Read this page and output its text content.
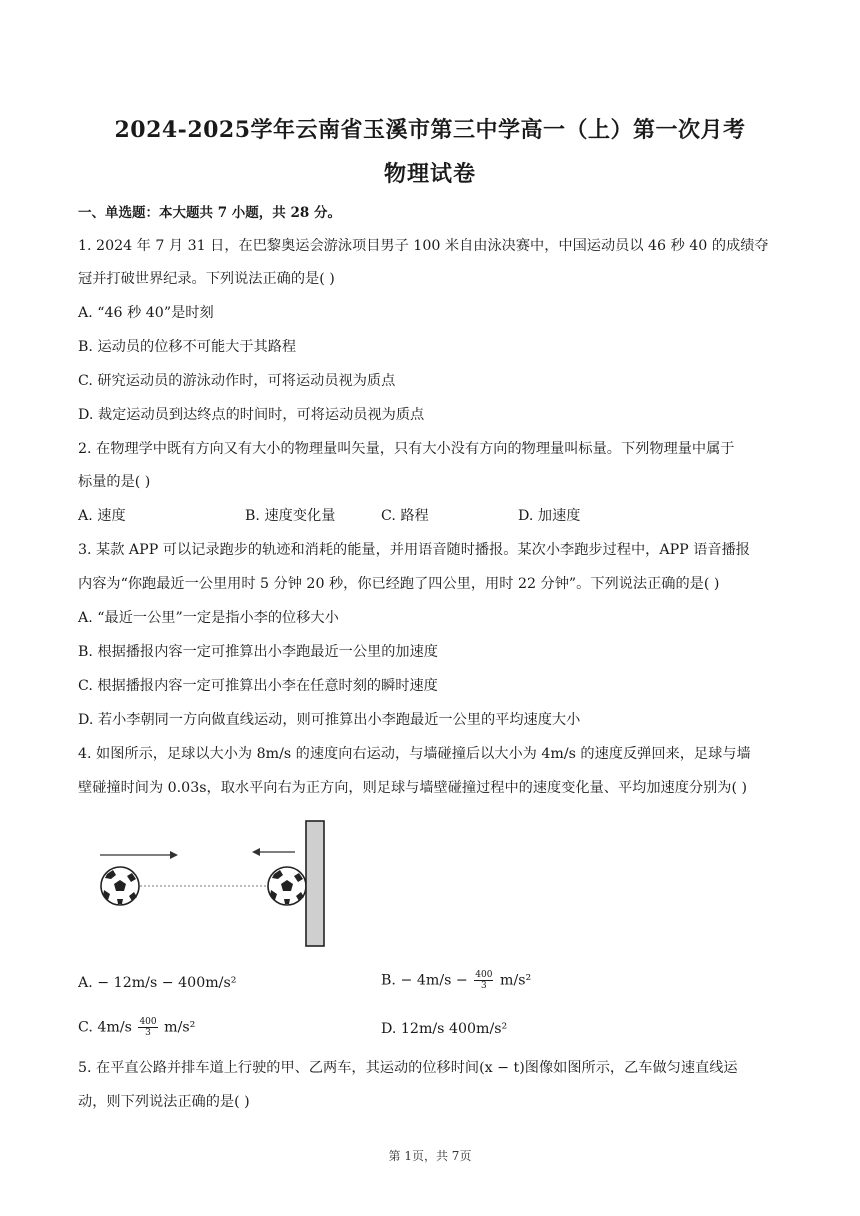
2024-2025学年云南省玉溪市第三中学高一（上）第一次月考
物理试卷
一、单选题：本大题共 7 小题，共 28 分。
1. 2024 年 7 月 31 日，在巴黎奥运会游泳项目男子 100 米自由泳决赛中，中国运动员以 46 秒 40 的成绩夺
冠并打破世界纪录。下列说法正确的是( )
A. “46 秒 40”是时刻
B. 运动员的位移不可能大于其路程
C. 研究运动员的游泳动作时，可将运动员视为质点
D. 裁定运动员到达终点的时间时，可将运动员视为质点
2. 在物理学中既有方向又有大小的物理量叫矢量，只有大小没有方向的物理量叫标量。下列物理量中属于
标量的是( )
A. 速度	B. 速度变化量	C. 路程	D. 加速度
3. 某款 APP 可以记录跑步的轨迹和消耗的能量，并用语音随时播报。某次小李跑步过程中，APP 语音播报
内容为“你跑最近一公里用时 5 分钟 20 秒，你已经跑了四公里，用时 22 分钟”。下列说法正确的是( )
A. “最近一公里”一定是指小李的位移大小
B. 根据播报内容一定可推算出小李跑最近一公里的加速度
C. 根据播报内容一定可推算出小李在任意时刻的瞬时速度
D. 若小李朝同一方向做直线运动，则可推算出小李跑最近一公里的平均速度大小
4. 如图所示，足球以大小为 8m/s 的速度向右运动，与墙碰撞后以大小为 4m/s 的速度反弹回来，足球与墙
壁碰撞时间为 0.03s，取水平向右为正方向，则足球与墙壁碰撞过程中的速度变化量、平均加速度分别为( )
A. − 12m/s − 400m/s²	B. − $4m/s - \frac{400}{3} m/s^2$
C. $4m/s \frac{400}{3} m/s^2$	D. 12m/s 400m/s²
5. 在平直公路并排车道上行驶的甲、乙两车，其运动的位移时间(x − t)图像如图所示，乙车做匀速直线运
动，则下列说法正确的是( )
第 1页，共 7页
